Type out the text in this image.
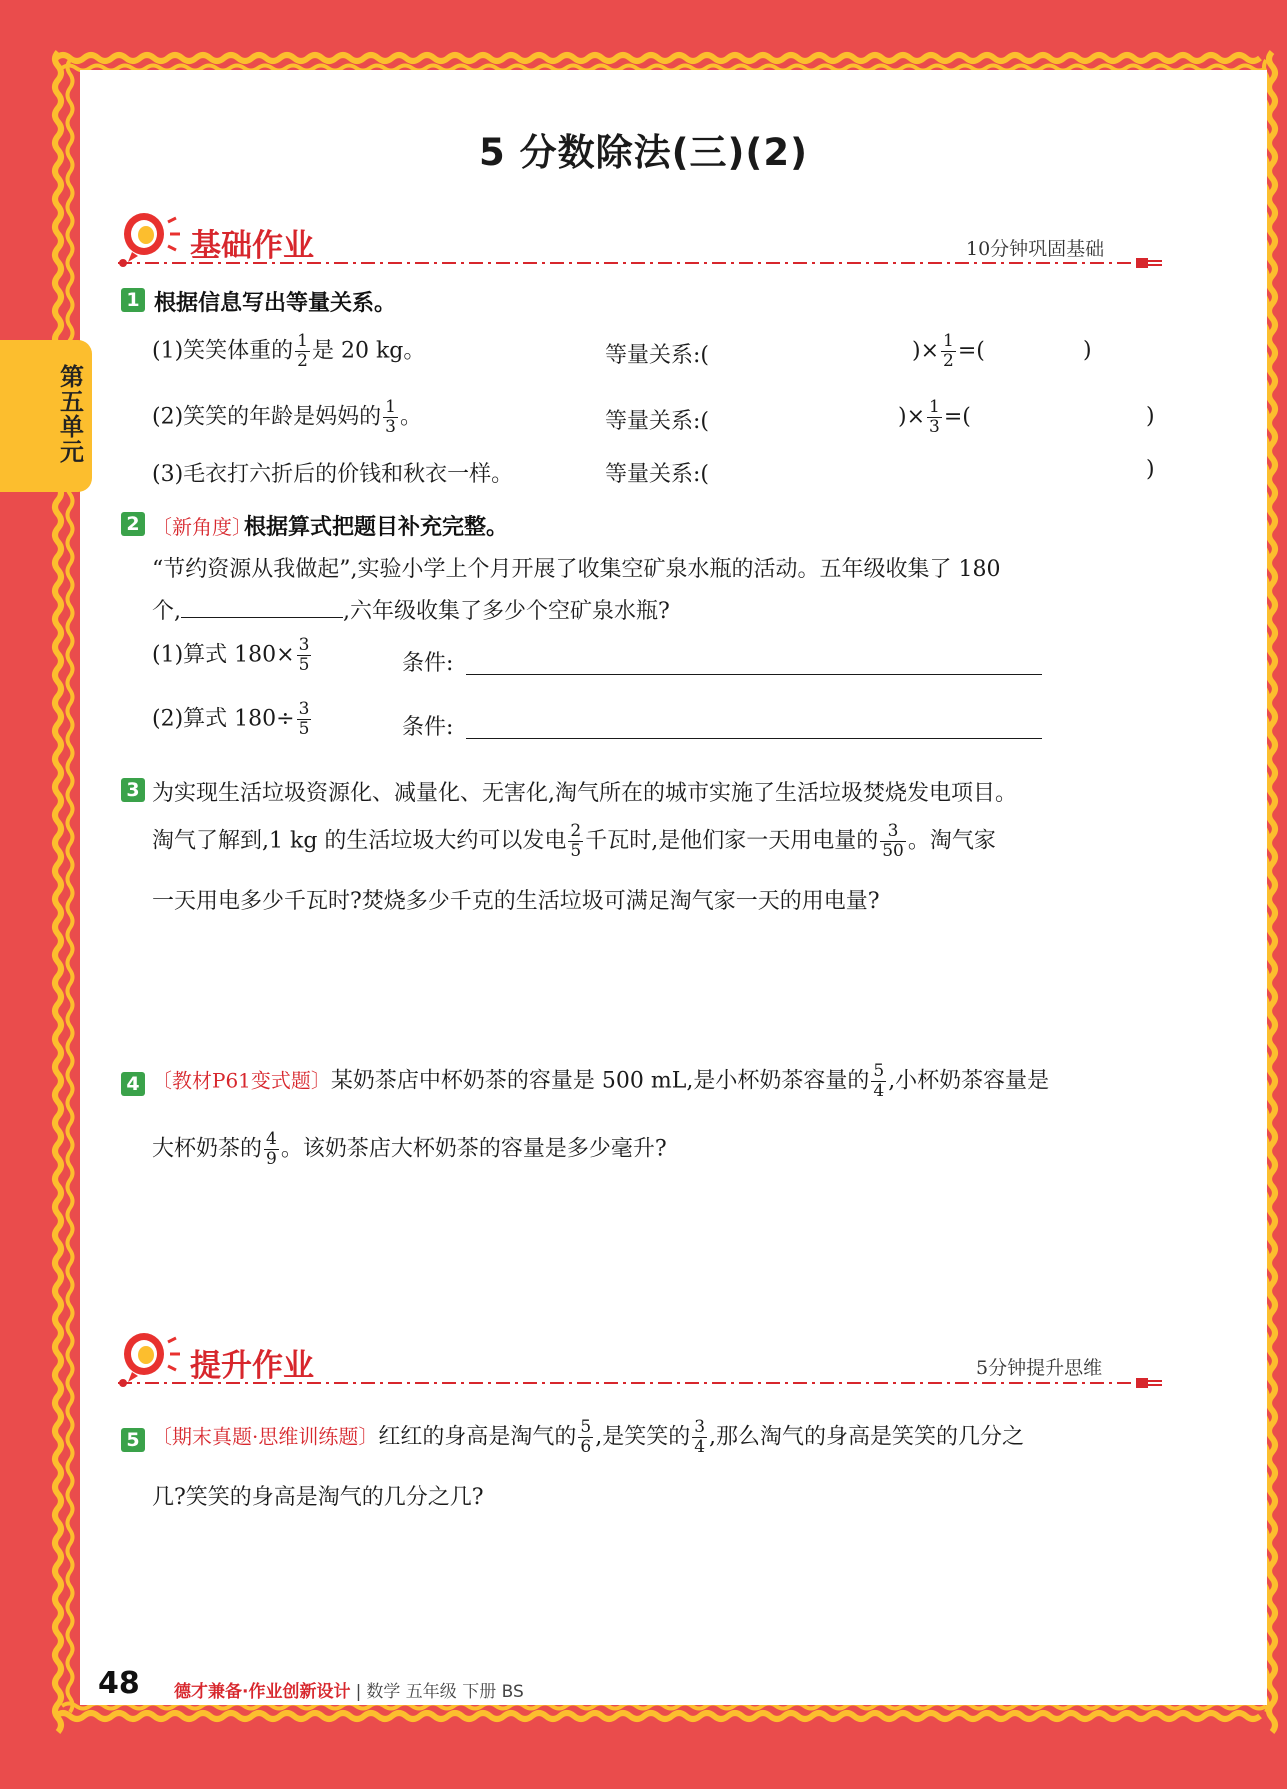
第五单元
5 分数除法(三)(2)
基础作业	10分钟巩固基础
1 根据信息写出等量关系。
(1)笑笑体重的 $\frac{1}{2}$ 是 20 kg。	等量关系:(	)× $\frac{1}{2}$ =(	)
(2)笑笑的年龄是妈妈的 $\frac{1}{3}$ 。	等量关系:(	)× $\frac{1}{3}$ =(	)
(3)毛衣打六折后的价钱和秋衣一样。	等量关系:(	)
2 〔新角度〕
根据算式把题目补充完整。
“节约资源从我做起”,实验小学上个月开展了收集空矿泉水瓶的活动。五年级收集了 180
个,	,六年级收集了多少个空矿泉水瓶?
(1)算式 $180\times \frac{3}{5}$	条件:
(2)算式 $180\div \frac{3}{5}$	条件:
3 为实现生活垃圾资源化、减量化、无害化,淘气所在的城市实施了生活垃圾焚烧发电项目。
淘气了解到,1 kg 的生活垃圾大约可以发电 $\frac{2}{5}$ 千瓦时,是他们家一天用电量的 $\frac{3}{50}$ 。淘气家
一天用电多少千瓦时?焚烧多少千克的生活垃圾可满足淘气家一天的用电量?
4 〔教材P61变式题〕某奶茶店中杯奶茶的容量是 500 mL,是小杯奶茶容量的 $\frac{5}{4}$ ,小杯奶茶容量是
大杯奶茶的 $\frac{4}{9}$ 。该奶茶店大杯奶茶的容量是多少毫升?
提升作业	5分钟提升思维
5 〔期末真题·思维训练题〕红红的身高是淘气的 $\frac{5}{6}$ ,是笑笑的 $\frac{3}{4}$ ,那么淘气的身高是笑笑的几分之
几?笑笑的身高是淘气的几分之几?
48 德才兼备·作业创新设计 | 数学 五年级 下册 BS
